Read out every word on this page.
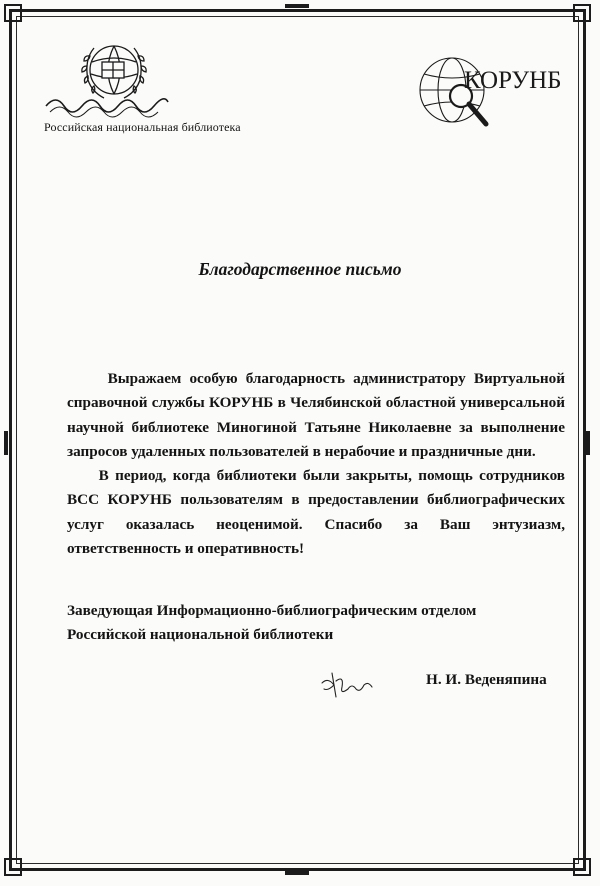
Российская национальная библиотека
КОРУНБ
Благодарственное письмо

Выражаем особую благодарность администратору Виртуальной справочной службы КОРУНБ в Челябинской областной универсальной научной библиотеке Миногиной Татьяне Николаевне за выполнение запросов удаленных пользователей в нерабочие и праздничные дни.

В период, когда библиотеки были закрыты, помощь сотрудников ВСС КОРУНБ пользователям в предоставлении библиографических услуг оказалась неоценимой. Спасибо за Ваш энтузиазм, ответственность и оперативность!

Заведующая Информационно-библиографическим отделом
Российской национальной библиотеки
Н. И. Веденяпина
